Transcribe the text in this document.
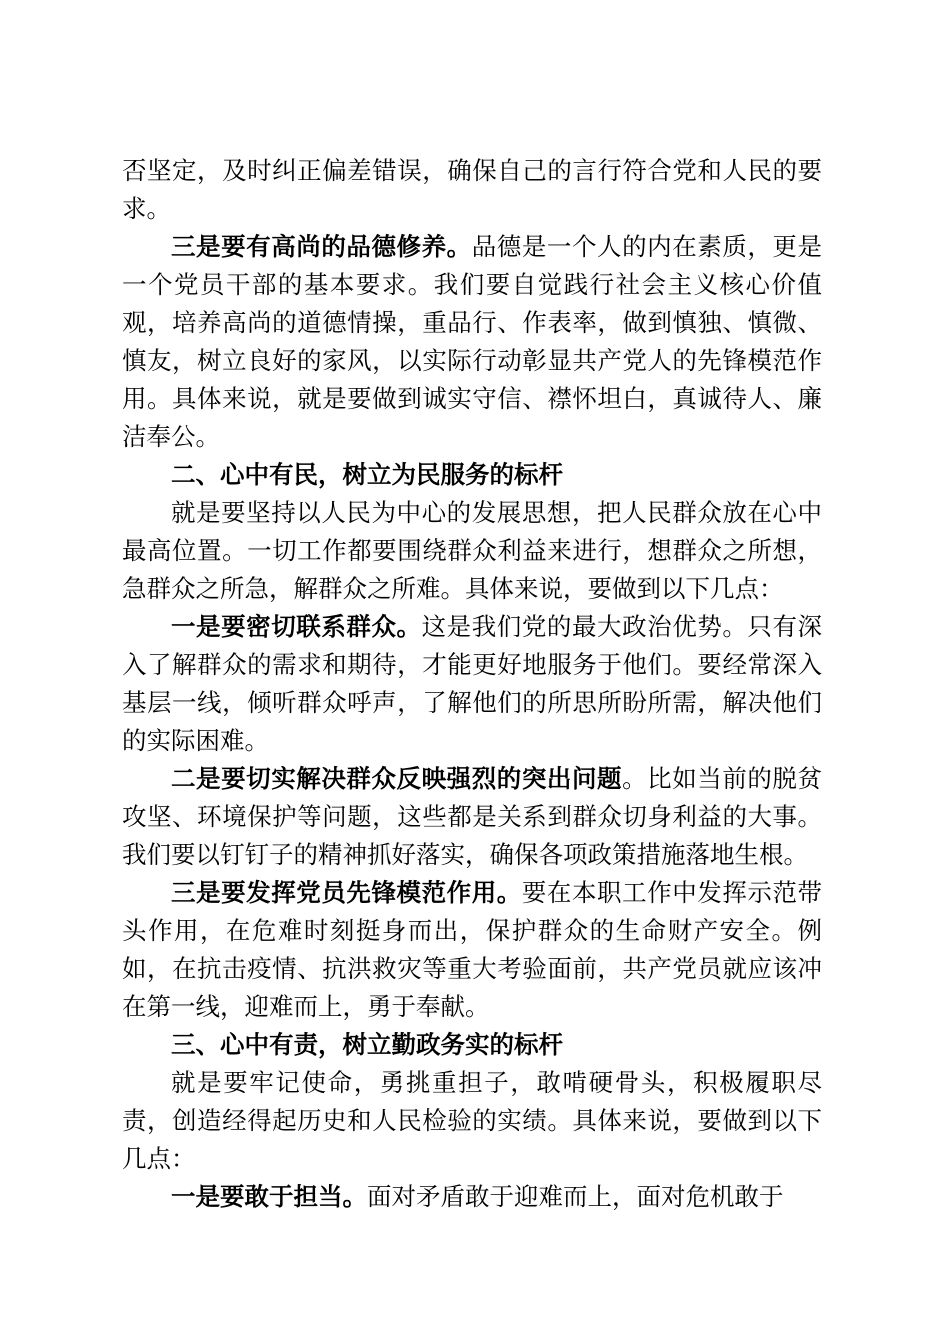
否坚定，及时纠正偏差错误，确保自己的言行符合党和人民的要求。

三是要有高尚的品德修养。品德是一个人的内在素质，更是一个党员干部的基本要求。我们要自觉践行社会主义核心价值观，培养高尚的道德情操，重品行、作表率，做到慎独、慎微、慎友，树立良好的家风，以实际行动彰显共产党人的先锋模范作用。具体来说，就是要做到诚实守信、襟怀坦白，真诚待人、廉洁奉公。

二、心中有民，树立为民服务的标杆

就是要坚持以人民为中心的发展思想，把人民群众放在心中最高位置。一切工作都要围绕群众利益来进行，想群众之所想，急群众之所急，解群众之所难。具体来说，要做到以下几点：

一是要密切联系群众。这是我们党的最大政治优势。只有深入了解群众的需求和期待，才能更好地服务于他们。要经常深入基层一线，倾听群众呼声，了解他们的所思所盼所需，解决他们的实际困难。

二是要切实解决群众反映强烈的突出问题。比如当前的脱贫攻坚、环境保护等问题，这些都是关系到群众切身利益的大事。我们要以钉钉子的精神抓好落实，确保各项政策措施落地生根。

三是要发挥党员先锋模范作用。要在本职工作中发挥示范带头作用，在危难时刻挺身而出，保护群众的生命财产安全。例如，在抗击疫情、抗洪救灾等重大考验面前，共产党员就应该冲在第一线，迎难而上，勇于奉献。

三、心中有责，树立勤政务实的标杆

就是要牢记使命，勇挑重担子，敢啃硬骨头，积极履职尽责，创造经得起历史和人民检验的实绩。具体来说，要做到以下几点：

一是要敢于担当。面对矛盾敢于迎难而上，面对危机敢于
